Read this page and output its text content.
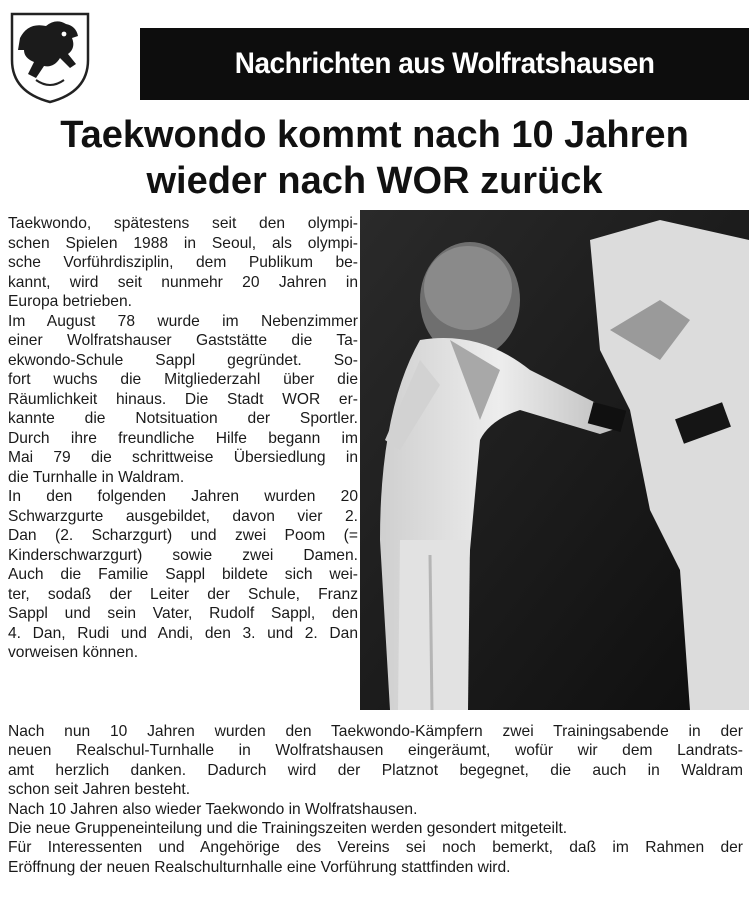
Nachrichten aus Wolfratshausen
Taekwondo kommt nach 10 Jahren
wieder nach WOR zurück
Taekwondo, spätestens seit den olympi-
schen Spielen 1988 in Seoul, als olympi-
sche Vorführdisziplin, dem Publikum be-
kannt, wird seit nunmehr 20 Jahren in
Europa betrieben.
Im August 78 wurde im Nebenzimmer
einer Wolfratshauser Gaststätte die Ta-
ekwondo-Schule Sappl gegründet. So-
fort wuchs die Mitgliederzahl über die
Räumlichkeit hinaus. Die Stadt WOR er-
kannte die Notsituation der Sportler.
Durch ihre freundliche Hilfe begann im
Mai 79 die schrittweise Übersiedlung in
die Turnhalle in Waldram.
In den folgenden Jahren wurden 20
Schwarzgurte ausgebildet, davon vier 2.
Dan (2. Scharzgurt) und zwei Poom (=
Kinderschwarzgurt) sowie zwei Damen.
Auch die Familie Sappl bildete sich wei-
ter, sodaß der Leiter der Schule, Franz
Sappl und sein Vater, Rudolf Sappl, den
4. Dan, Rudi und Andi, den 3. und 2. Dan
vorweisen können.
Nach nun 10 Jahren wurden den Taekwondo-Kämpfern zwei Trainingsabende in der
neuen Realschul-Turnhalle in Wolfratshausen eingeräumt, wofür wir dem Landrats-
amt herzlich danken. Dadurch wird der Platznot begegnet, die auch in Waldram
schon seit Jahren besteht.
Nach 10 Jahren also wieder Taekwondo in Wolfratshausen.
Die neue Gruppeneinteilung und die Trainingszeiten werden gesondert mitgeteilt.
Für Interessenten und Angehörige des Vereins sei noch bemerkt, daß im Rahmen der
Eröffnung der neuen Realschulturnhalle eine Vorführung stattfinden wird.
